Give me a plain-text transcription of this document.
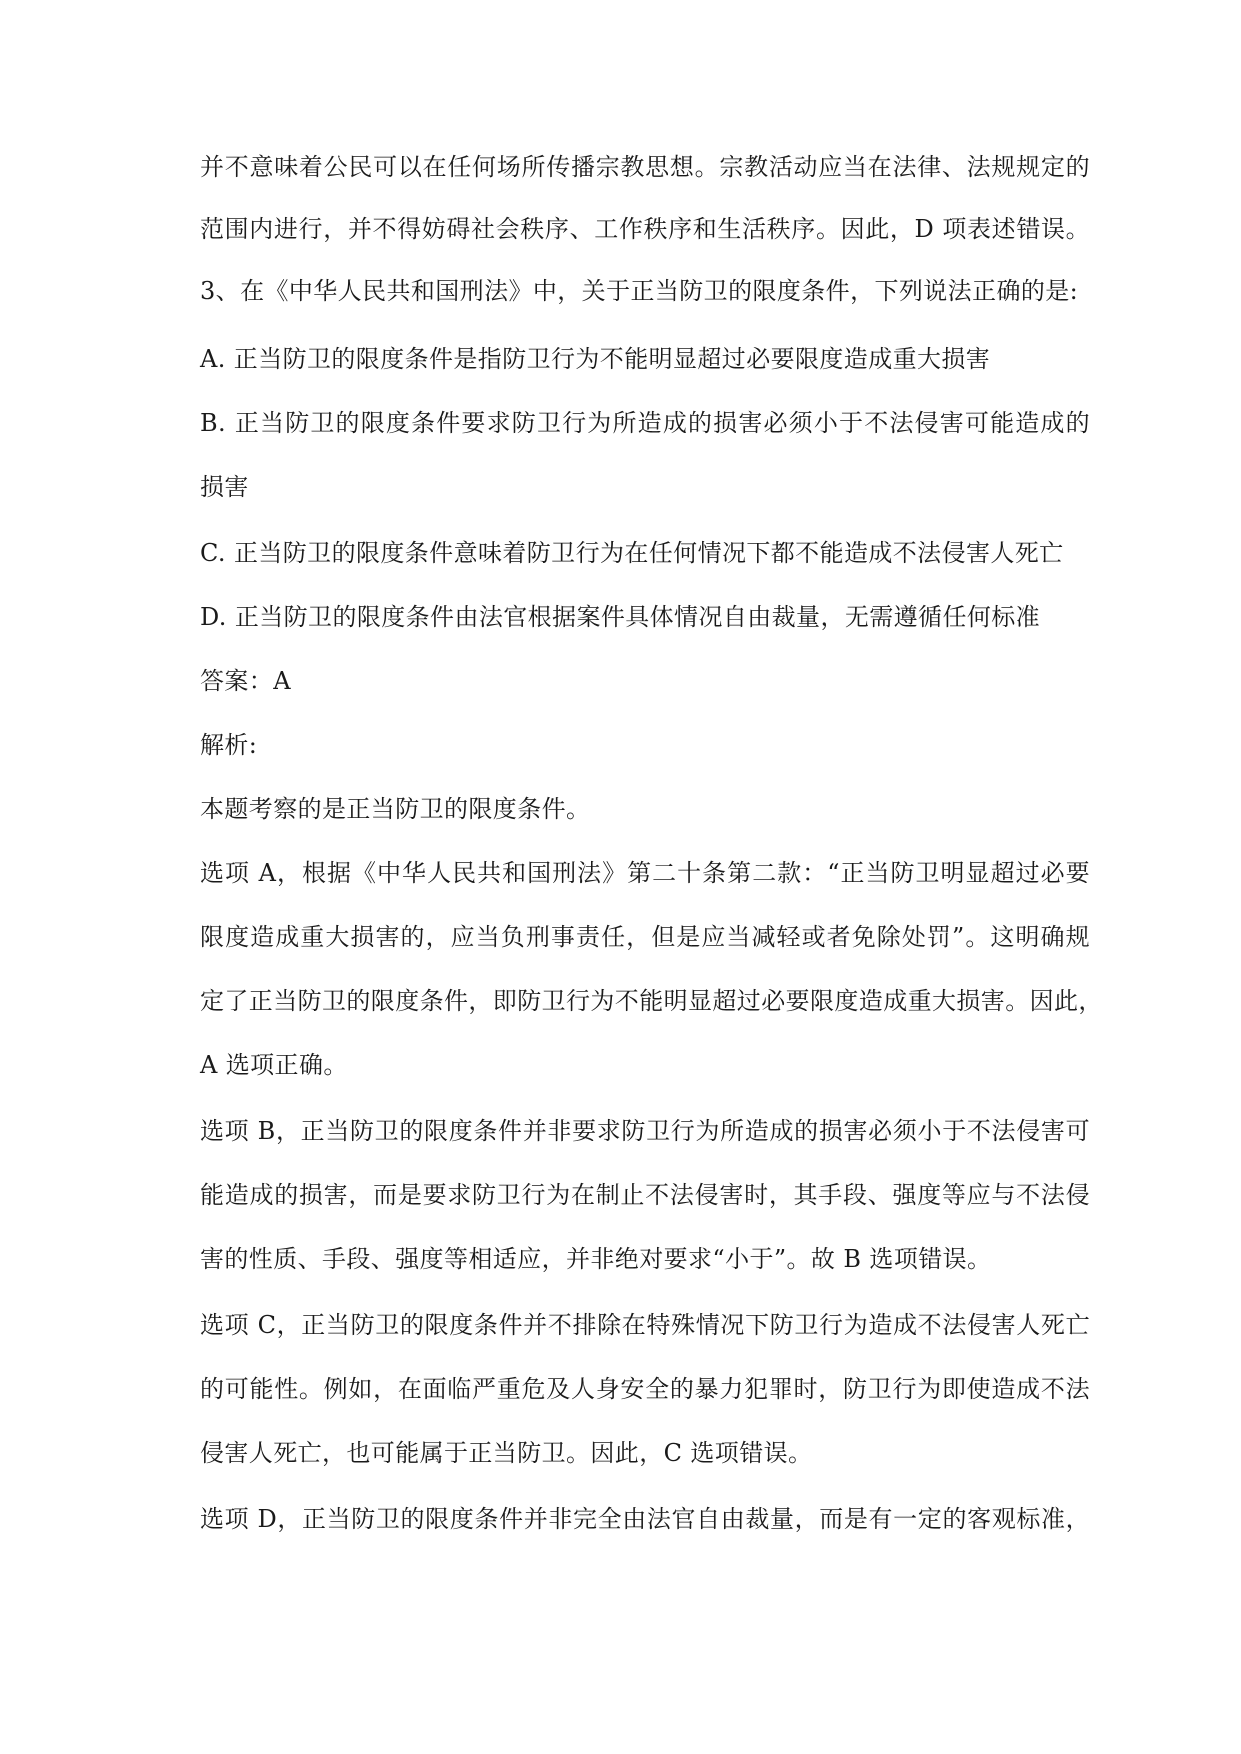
并不意味着公民可以在任何场所传播宗教思想。宗教活动应当在法律、法规规定的
范围内进行，并不得妨碍社会秩序、工作秩序和生活秩序。因此，D 项表述错误。
3、在《中华人民共和国刑法》中，关于正当防卫的限度条件，下列说法正确的是:
A. 正当防卫的限度条件是指防卫行为不能明显超过必要限度造成重大损害
B. 正当防卫的限度条件要求防卫行为所造成的损害必须小于不法侵害可能造成的
损害
C. 正当防卫的限度条件意味着防卫行为在任何情况下都不能造成不法侵害人死亡
D. 正当防卫的限度条件由法官根据案件具体情况自由裁量，无需遵循任何标准
答案：A
解析:
本题考察的是正当防卫的限度条件。
选项 A，根据《中华人民共和国刑法》第二十条第二款：“正当防卫明显超过必要
限度造成重大损害的，应当负刑事责任，但是应当减轻或者免除处罚”。这明确规
定了正当防卫的限度条件，即防卫行为不能明显超过必要限度造成重大损害。因此，
A 选项正确。
选项 B，正当防卫的限度条件并非要求防卫行为所造成的损害必须小于不法侵害可
能造成的损害，而是要求防卫行为在制止不法侵害时，其手段、强度等应与不法侵
害的性质、手段、强度等相适应，并非绝对要求“小于”。故 B 选项错误。
选项 C，正当防卫的限度条件并不排除在特殊情况下防卫行为造成不法侵害人死亡
的可能性。例如，在面临严重危及人身安全的暴力犯罪时，防卫行为即使造成不法
侵害人死亡，也可能属于正当防卫。因此，C 选项错误。
选项 D，正当防卫的限度条件并非完全由法官自由裁量，而是有一定的客观标准，
